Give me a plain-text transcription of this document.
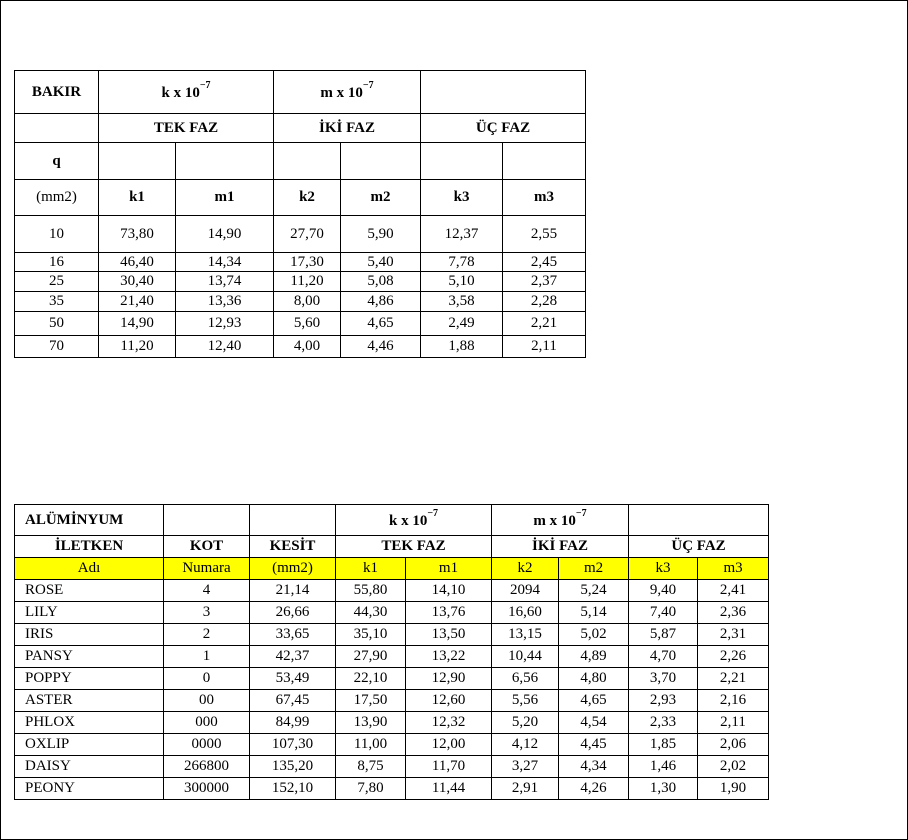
BAKIR	k x $10^{-7}$		m x $10^{-7}$	
	TEK FAZ		İKİ FAZ		ÜÇ FAZ	
q						
(mm2)	k1	m1	k2	m2	k3	m3
10	73,80	14,90	27,70	5,90	12,37	2,55
16	46,40	14,34	17,30	5,40	7,78	2,45
25	30,40	13,74	11,20	5,08	5,10	2,37
35	21,40	13,36	8,00	4,86	3,58	2,28
50	14,90	12,93	5,60	4,65	2,49	2,21
70	11,20	12,40	4,00	4,46	1,88	2,11
ALÜMİNYUM			k x $10^{-7}$		m x $10^{-7}$	
İLETKEN	KOT	KESİT	TEK FAZ		İKİ FAZ		ÜÇ FAZ	
Adı	Numara	(mm2)	k1	m1	k2	m2	k3	m3
ROSE	4	21,14	55,80	14,10	2094	5,24	9,40	2,41
LILY	3	26,66	44,30	13,76	16,60	5,14	7,40	2,36
IRIS	2	33,65	35,10	13,50	13,15	5,02	5,87	2,31
PANSY	1	42,37	27,90	13,22	10,44	4,89	4,70	2,26
POPPY	0	53,49	22,10	12,90	6,56	4,80	3,70	2,21
ASTER	00	67,45	17,50	12,60	5,56	4,65	2,93	2,16
PHLOX	000	84,99	13,90	12,32	5,20	4,54	2,33	2,11
OXLIP	0000	107,30	11,00	12,00	4,12	4,45	1,85	2,06
DAISY	266800	135,20	8,75	11,70	3,27	4,34	1,46	2,02
PEONY	300000	152,10	7,80	11,44	2,91	4,26	1,30	1,90
